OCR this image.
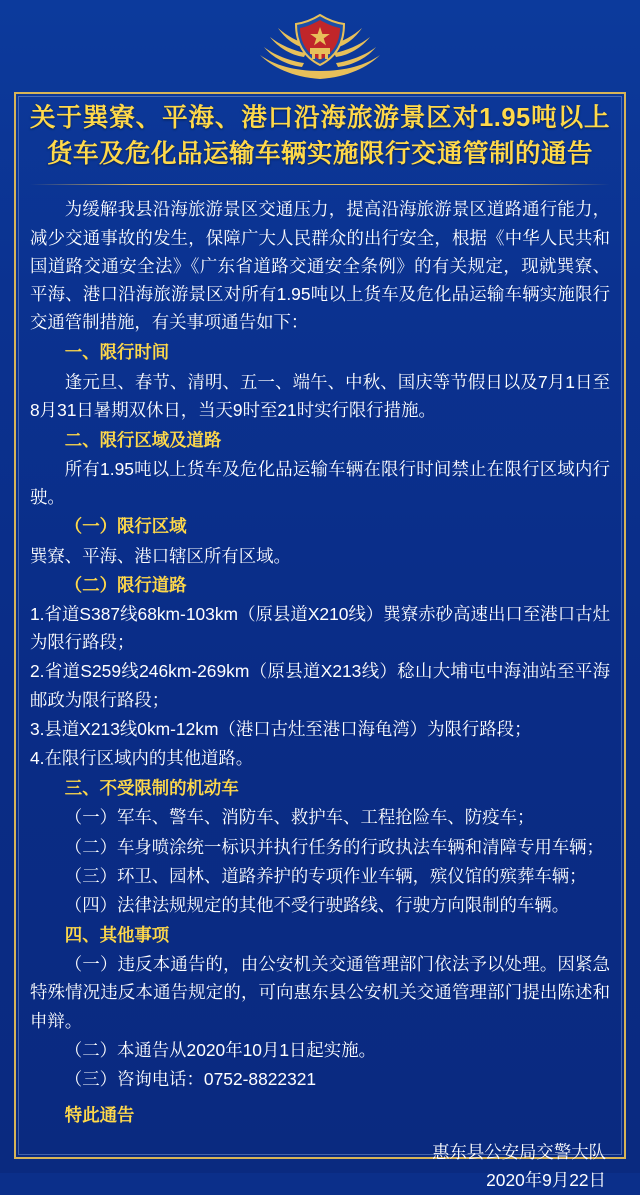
关于巽寮、平海、港口沿海旅游景区对1.95吨以上货车及危化品运输车辆实施限行交通管制的通告

为缓解我县沿海旅游景区交通压力，提高沿海旅游景区道路通行能力，减少交通事故的发生，保障广大人民群众的出行安全，根据《中华人民共和国道路交通安全法》《广东省道路交通安全条例》的有关规定，现就巽寮、平海、港口沿海旅游景区对所有1.95吨以上货车及危化品运输车辆实施限行交通管制措施，有关事项通告如下：

一、限行时间

逢元旦、春节、清明、五一、端午、中秋、国庆等节假日以及7月1日至8月31日暑期双休日，当天9时至21时实行限行措施。

二、限行区域及道路

所有1.95吨以上货车及危化品运输车辆在限行时间禁止在限行区域内行驶。

（一）限行区域

巽寮、平海、港口辖区所有区域。

（二）限行道路

1.省道S387线68km-103km（原县道X210线）巽寮赤砂高速出口至港口古灶为限行路段；

2.省道S259线246km-269km（原县道X213线）稔山大埔屯中海油站至平海邮政为限行路段；

3.县道X213线0km-12km（港口古灶至港口海龟湾）为限行路段；

4.在限行区域内的其他道路。

三、不受限制的机动车

（一）军车、警车、消防车、救护车、工程抢险车、防疫车；

（二）车身喷涂统一标识并执行任务的行政执法车辆和清障专用车辆；

（三）环卫、园林、道路养护的专项作业车辆，殡仪馆的殡葬车辆；

（四）法律法规规定的其他不受行驶路线、行驶方向限制的车辆。

四、其他事项

（一）违反本通告的，由公安机关交通管理部门依法予以处理。因紧急特殊情况违反本通告规定的，可向惠东县公安机关交通管理部门提出陈述和申辩。

（二）本通告从2020年10月1日起实施。

（三）咨询电话：0752-8822321

特此通告

惠东县公安局交警大队
2020年9月22日
